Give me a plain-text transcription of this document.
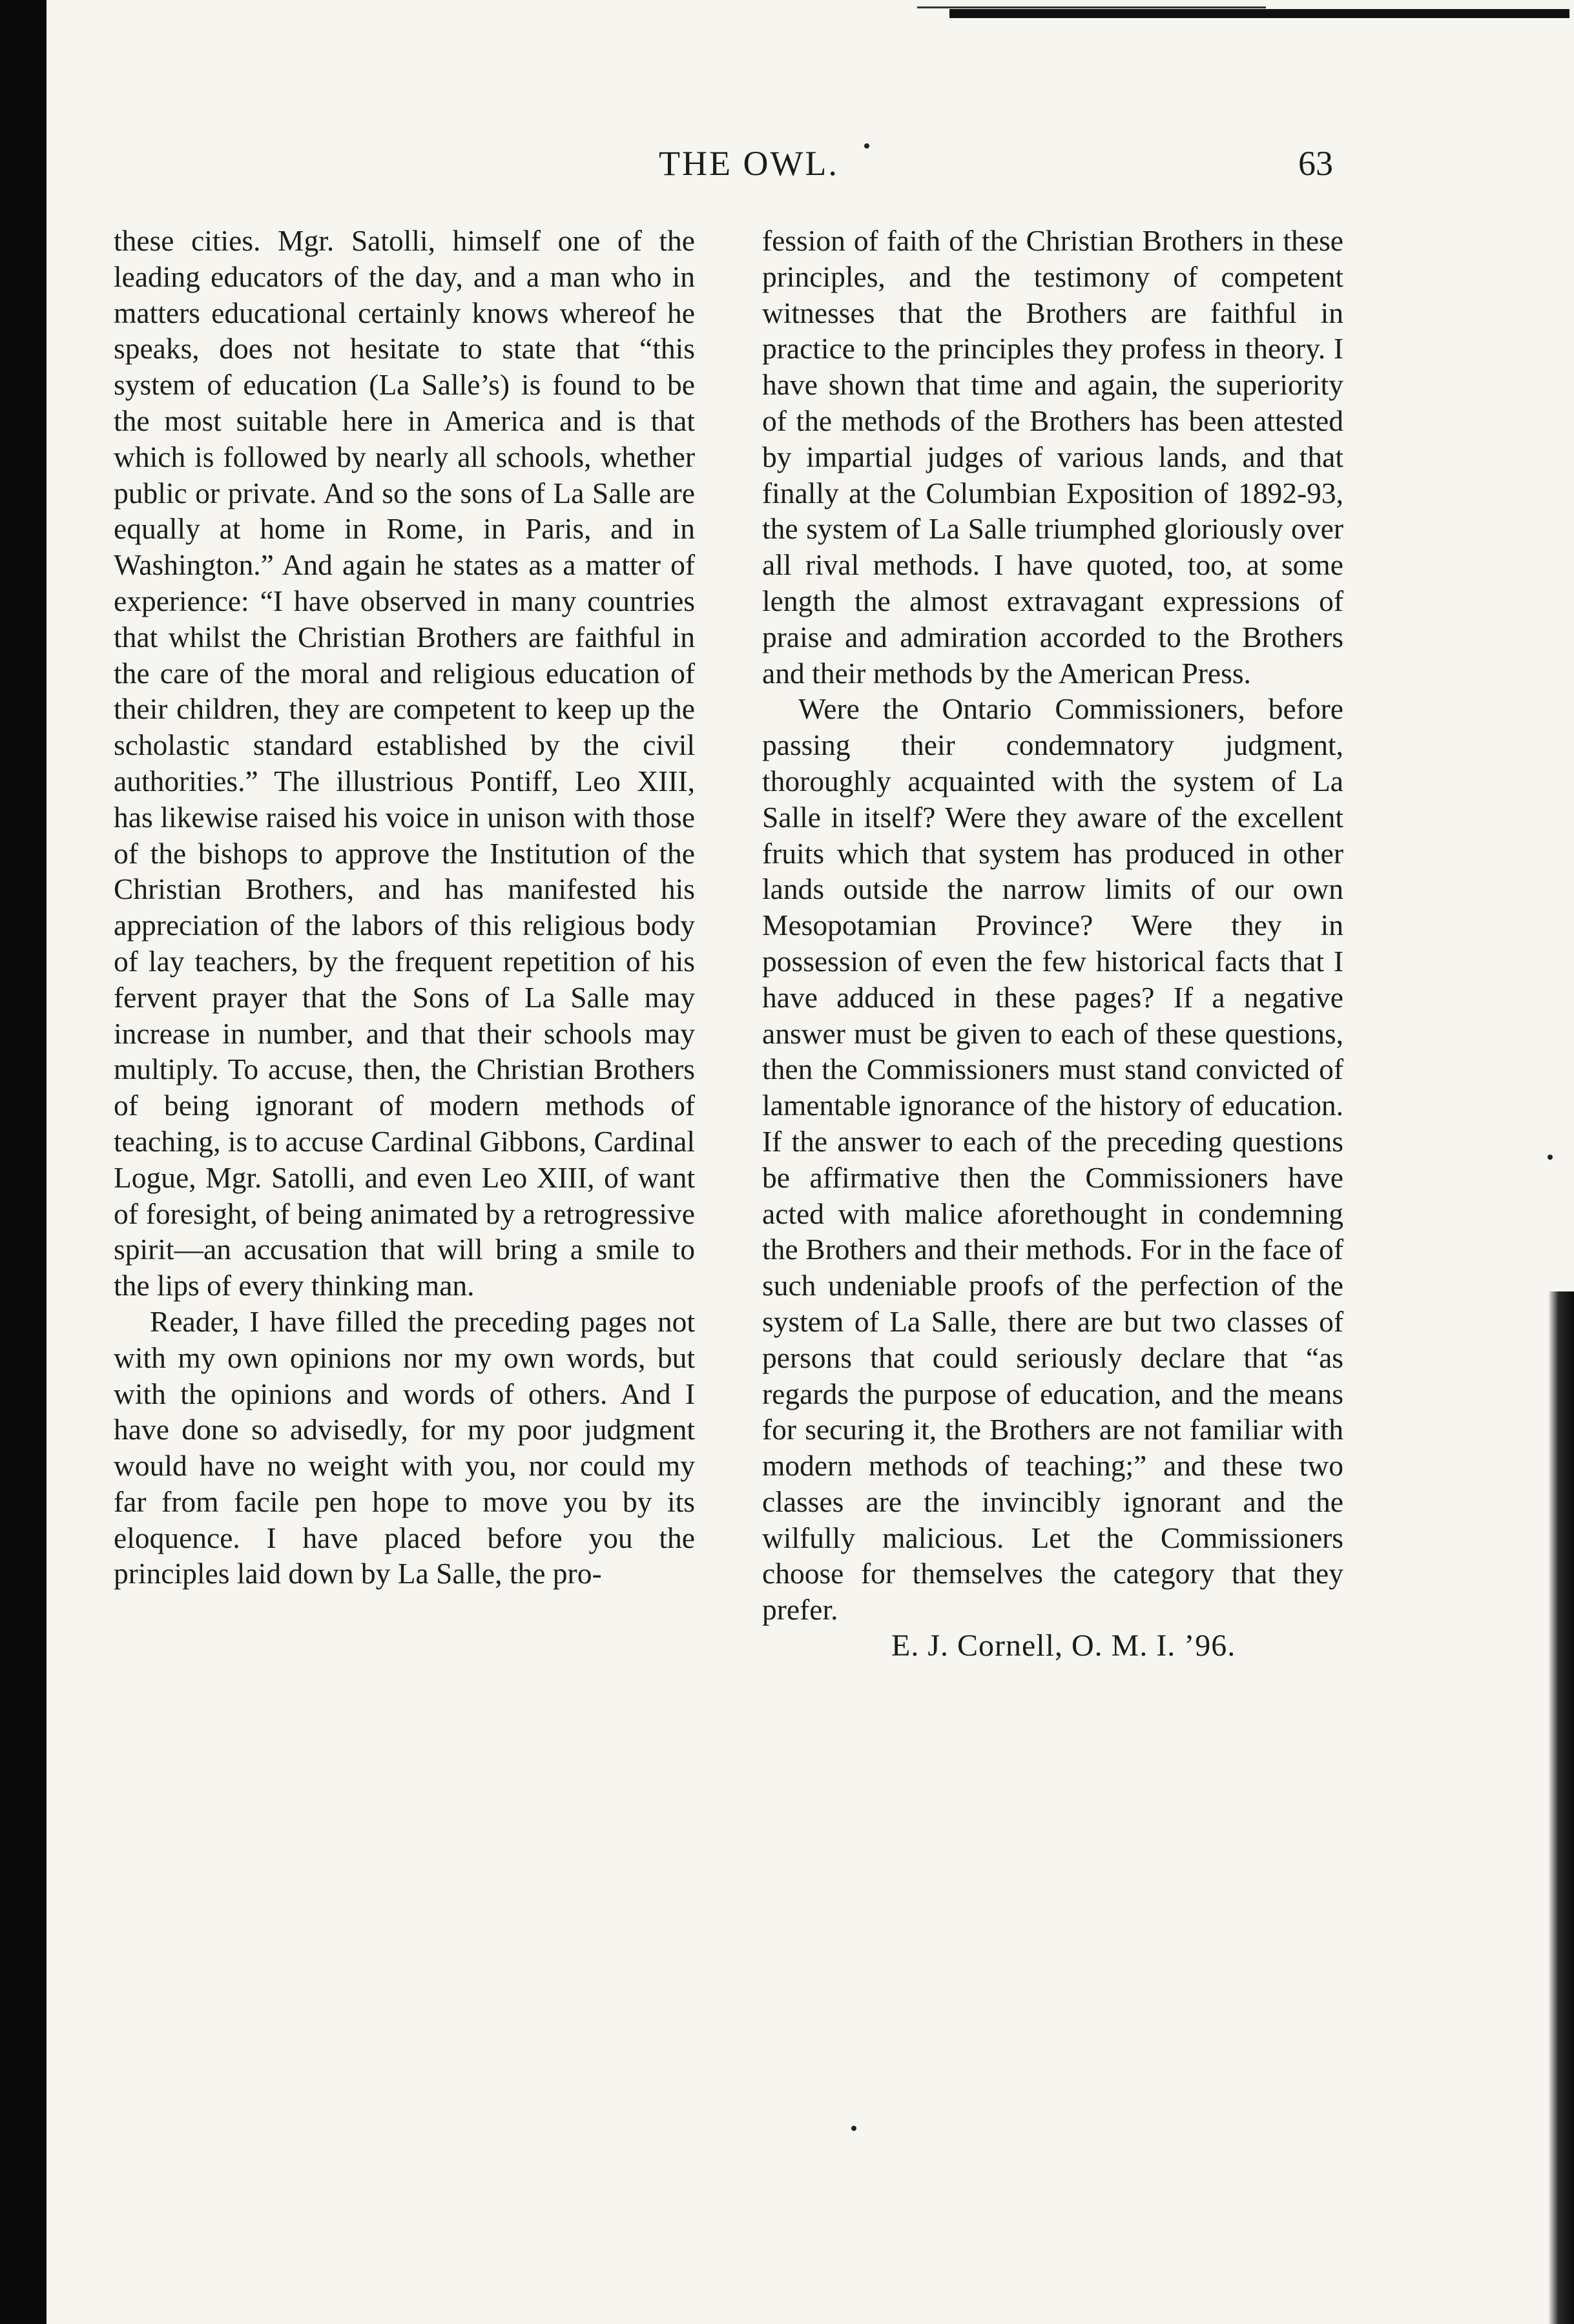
THE OWL.	63

these cities. Mgr. Satolli, himself one of the leading educators of the day, and a man who in matters educational certainly knows whereof he speaks, does not hesitate to state that “this system of education (La Salle’s) is found to be the most suitable here in America and is that which is followed by nearly all schools, whether public or private. And so the sons of La Salle are equally at home in Rome, in Paris, and in Washington.” And again he states as a matter of experience: “I have observed in many countries that whilst the Christian Brothers are faithful in the care of the moral and religious education of their children, they are competent to keep up the scholastic standard established by the civil authorities.” The illustrious Pontiff, Leo XIII, has likewise raised his voice in unison with those of the bishops to approve the Institution of the Christian Brothers, and has manifested his appreciation of the labors of this religious body of lay teachers, by the frequent repetition of his fervent prayer that the Sons of La Salle may increase in number, and that their schools may multiply. To accuse, then, the Christian Brothers of being ignorant of modern methods of teaching, is to accuse Cardinal Gibbons, Cardinal Logue, Mgr. Satolli, and even Leo XIII, of want of foresight, of being animated by a retrogressive spirit—an accusation that will bring a smile to the lips of every thinking man.

Reader, I have filled the preceding pages not with my own opinions nor my own words, but with the opinions and words of others. And I have done so advisedly, for my poor judgment would have no weight with you, nor could my far from facile pen hope to move you by its eloquence. I have placed before you the principles laid down by La Salle, the pro-

fession of faith of the Christian Brothers in these principles, and the testimony of competent witnesses that the Brothers are faithful in practice to the principles they profess in theory. I have shown that time and again, the superiority of the methods of the Brothers has been attested by impartial judges of various lands, and that finally at the Columbian Exposition of 1892-93, the system of La Salle triumphed gloriously over all rival methods. I have quoted, too, at some length the almost extravagant expressions of praise and admiration accorded to the Brothers and their methods by the American Press.

Were the Ontario Commissioners, before passing their condemnatory judgment, thoroughly acquainted with the system of La Salle in itself? Were they aware of the excellent fruits which that system has produced in other lands outside the narrow limits of our own Mesopotamian Province? Were they in possession of even the few historical facts that I have adduced in these pages? If a negative answer must be given to each of these questions, then the Commissioners must stand convicted of lamentable ignorance of the history of education. If the answer to each of the preceding questions be affirmative then the Commissioners have acted with malice aforethought in condemning the Brothers and their methods. For in the face of such undeniable proofs of the perfection of the system of La Salle, there are but two classes of persons that could seriously declare that “as regards the purpose of education, and the means for securing it, the Brothers are not familiar with modern methods of teaching;” and these two classes are the invincibly ignorant and the wilfully malicious. Let the Commissioners choose for themselves the category that they prefer.

E. J. Cornell, O. M. I. ’96.
